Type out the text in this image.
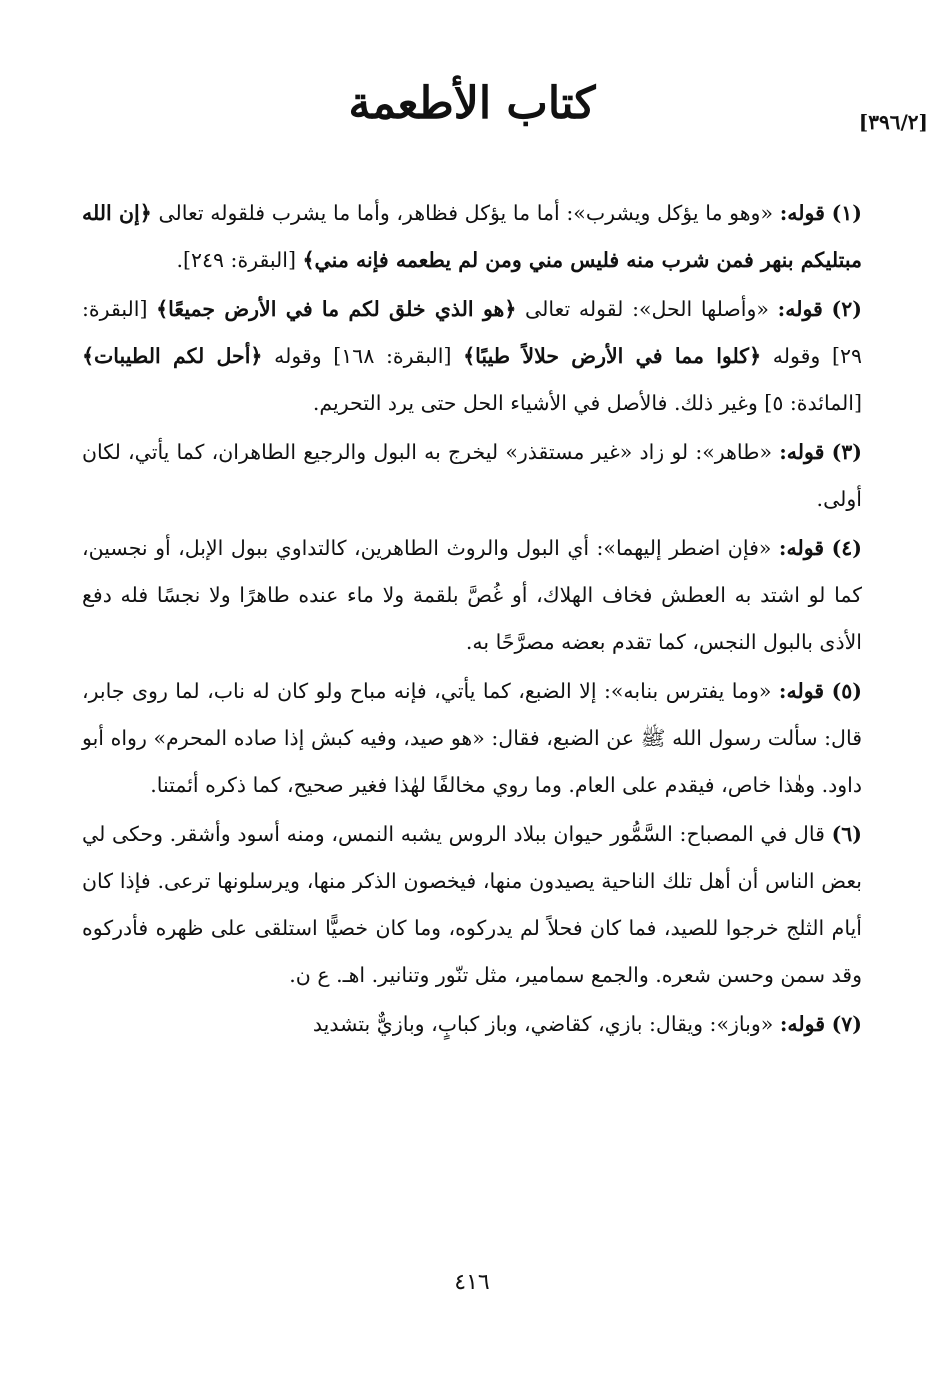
[٣٩٦/٢]
كتاب الأطعمة

(١) قوله: «وهو ما يؤكل ويشرب»: أما ما يؤكل فظاهر، وأما ما يشرب فلقوله تعالى ﴿إن الله مبتليكم بنهر فمن شرب منه فليس مني ومن لم يطعمه فإنه مني﴾ [البقرة: ٢٤٩].

(٢) قوله: «وأصلها الحل»: لقوله تعالى ﴿هو الذي خلق لكم ما في الأرض جميعًا﴾ [البقرة: ٢٩] وقوله ﴿كلوا مما في الأرض حلالاً طيبًا﴾ [البقرة: ١٦٨] وقوله ﴿أحل لكم الطيبات﴾ [المائدة: ٥] وغير ذلك. فالأصل في الأشياء الحل حتى يرد التحريم.

(٣) قوله: «طاهر»: لو زاد «غير مستقذر» ليخرج به البول والرجيع الطاهران، كما يأتي، لكان أولى.

(٤) قوله: «فإن اضطر إليهما»: أي البول والروث الطاهرين، كالتداوي ببول الإبل، أو نجسين، كما لو اشتد به العطش فخاف الهلاك، أو غُصَّ بلقمة ولا ماء عنده طاهرًا ولا نجسًا فله دفع الأذى بالبول النجس، كما تقدم بعضه مصرَّحًا به.

(٥) قوله: «وما يفترس بنابه»: إلا الضبع، كما يأتي، فإنه مباح ولو كان له ناب، لما روى جابر، قال: سألت رسول الله ﷺ عن الضبع، فقال: «هو صيد، وفيه كبش إذا صاده المحرم» رواه أبو داود. وهٰذا خاص، فيقدم على العام. وما روي مخالفًا لهٰذا فغير صحيح، كما ذكره أئمتنا.

(٦) قال في المصباح: السَّمُّور حيوان ببلاد الروس يشبه النمس، ومنه أسود وأشقر. وحكى لي بعض الناس أن أهل تلك الناحية يصيدون منها، فيخصون الذكر منها، ويرسلونها ترعى. فإذا كان أيام الثلج خرجوا للصيد، فما كان فحلاً لم يدركوه، وما كان خصيًّا استلقى على ظهره فأدركوه وقد سمن وحسن شعره. والجمع سمامير، مثل تنّور وتنانير. اهـ. ع ن.

(٧) قوله: «وباز»: ويقال: بازي، كقاضي، وباز كبابٍ، وبازيٌّ بتشديد

٤١٦
